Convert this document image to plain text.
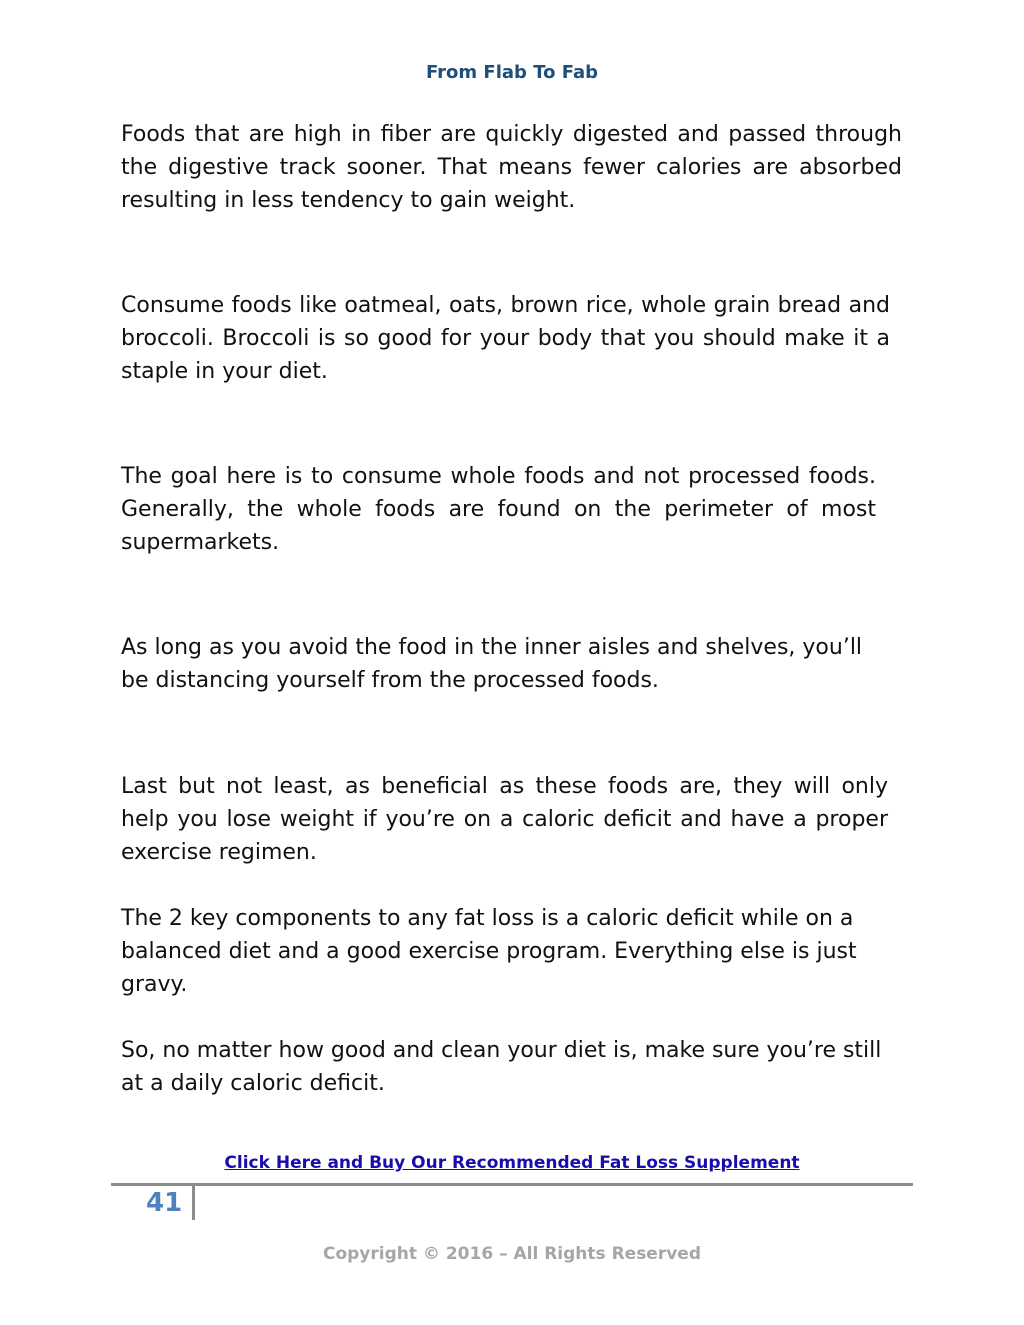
From Flab To Fab

Foods that are high in fiber are quickly digested and passed through the digestive track sooner. That means fewer calories are absorbed resulting in less tendency to gain weight.

Consume foods like oatmeal, oats, brown rice, whole grain bread and broccoli. Broccoli is so good for your body that you should make it a staple in your diet.

The goal here is to consume whole foods and not processed foods. Generally, the whole foods are found on the perimeter of most supermarkets.

As long as you avoid the food in the inner aisles and shelves, you’ll be distancing yourself from the processed foods.

Last but not least, as beneficial as these foods are, they will only help you lose weight if you’re on a caloric deficit and have a proper exercise regimen.

The 2 key components to any fat loss is a caloric deficit while on a balanced diet and a good exercise program. Everything else is just gravy.

So, no matter how good and clean your diet is, make sure you’re still at a daily caloric deficit.

Click Here and Buy Our Recommended Fat Loss Supplement
41
Copyright © 2016 – All Rights Reserved
